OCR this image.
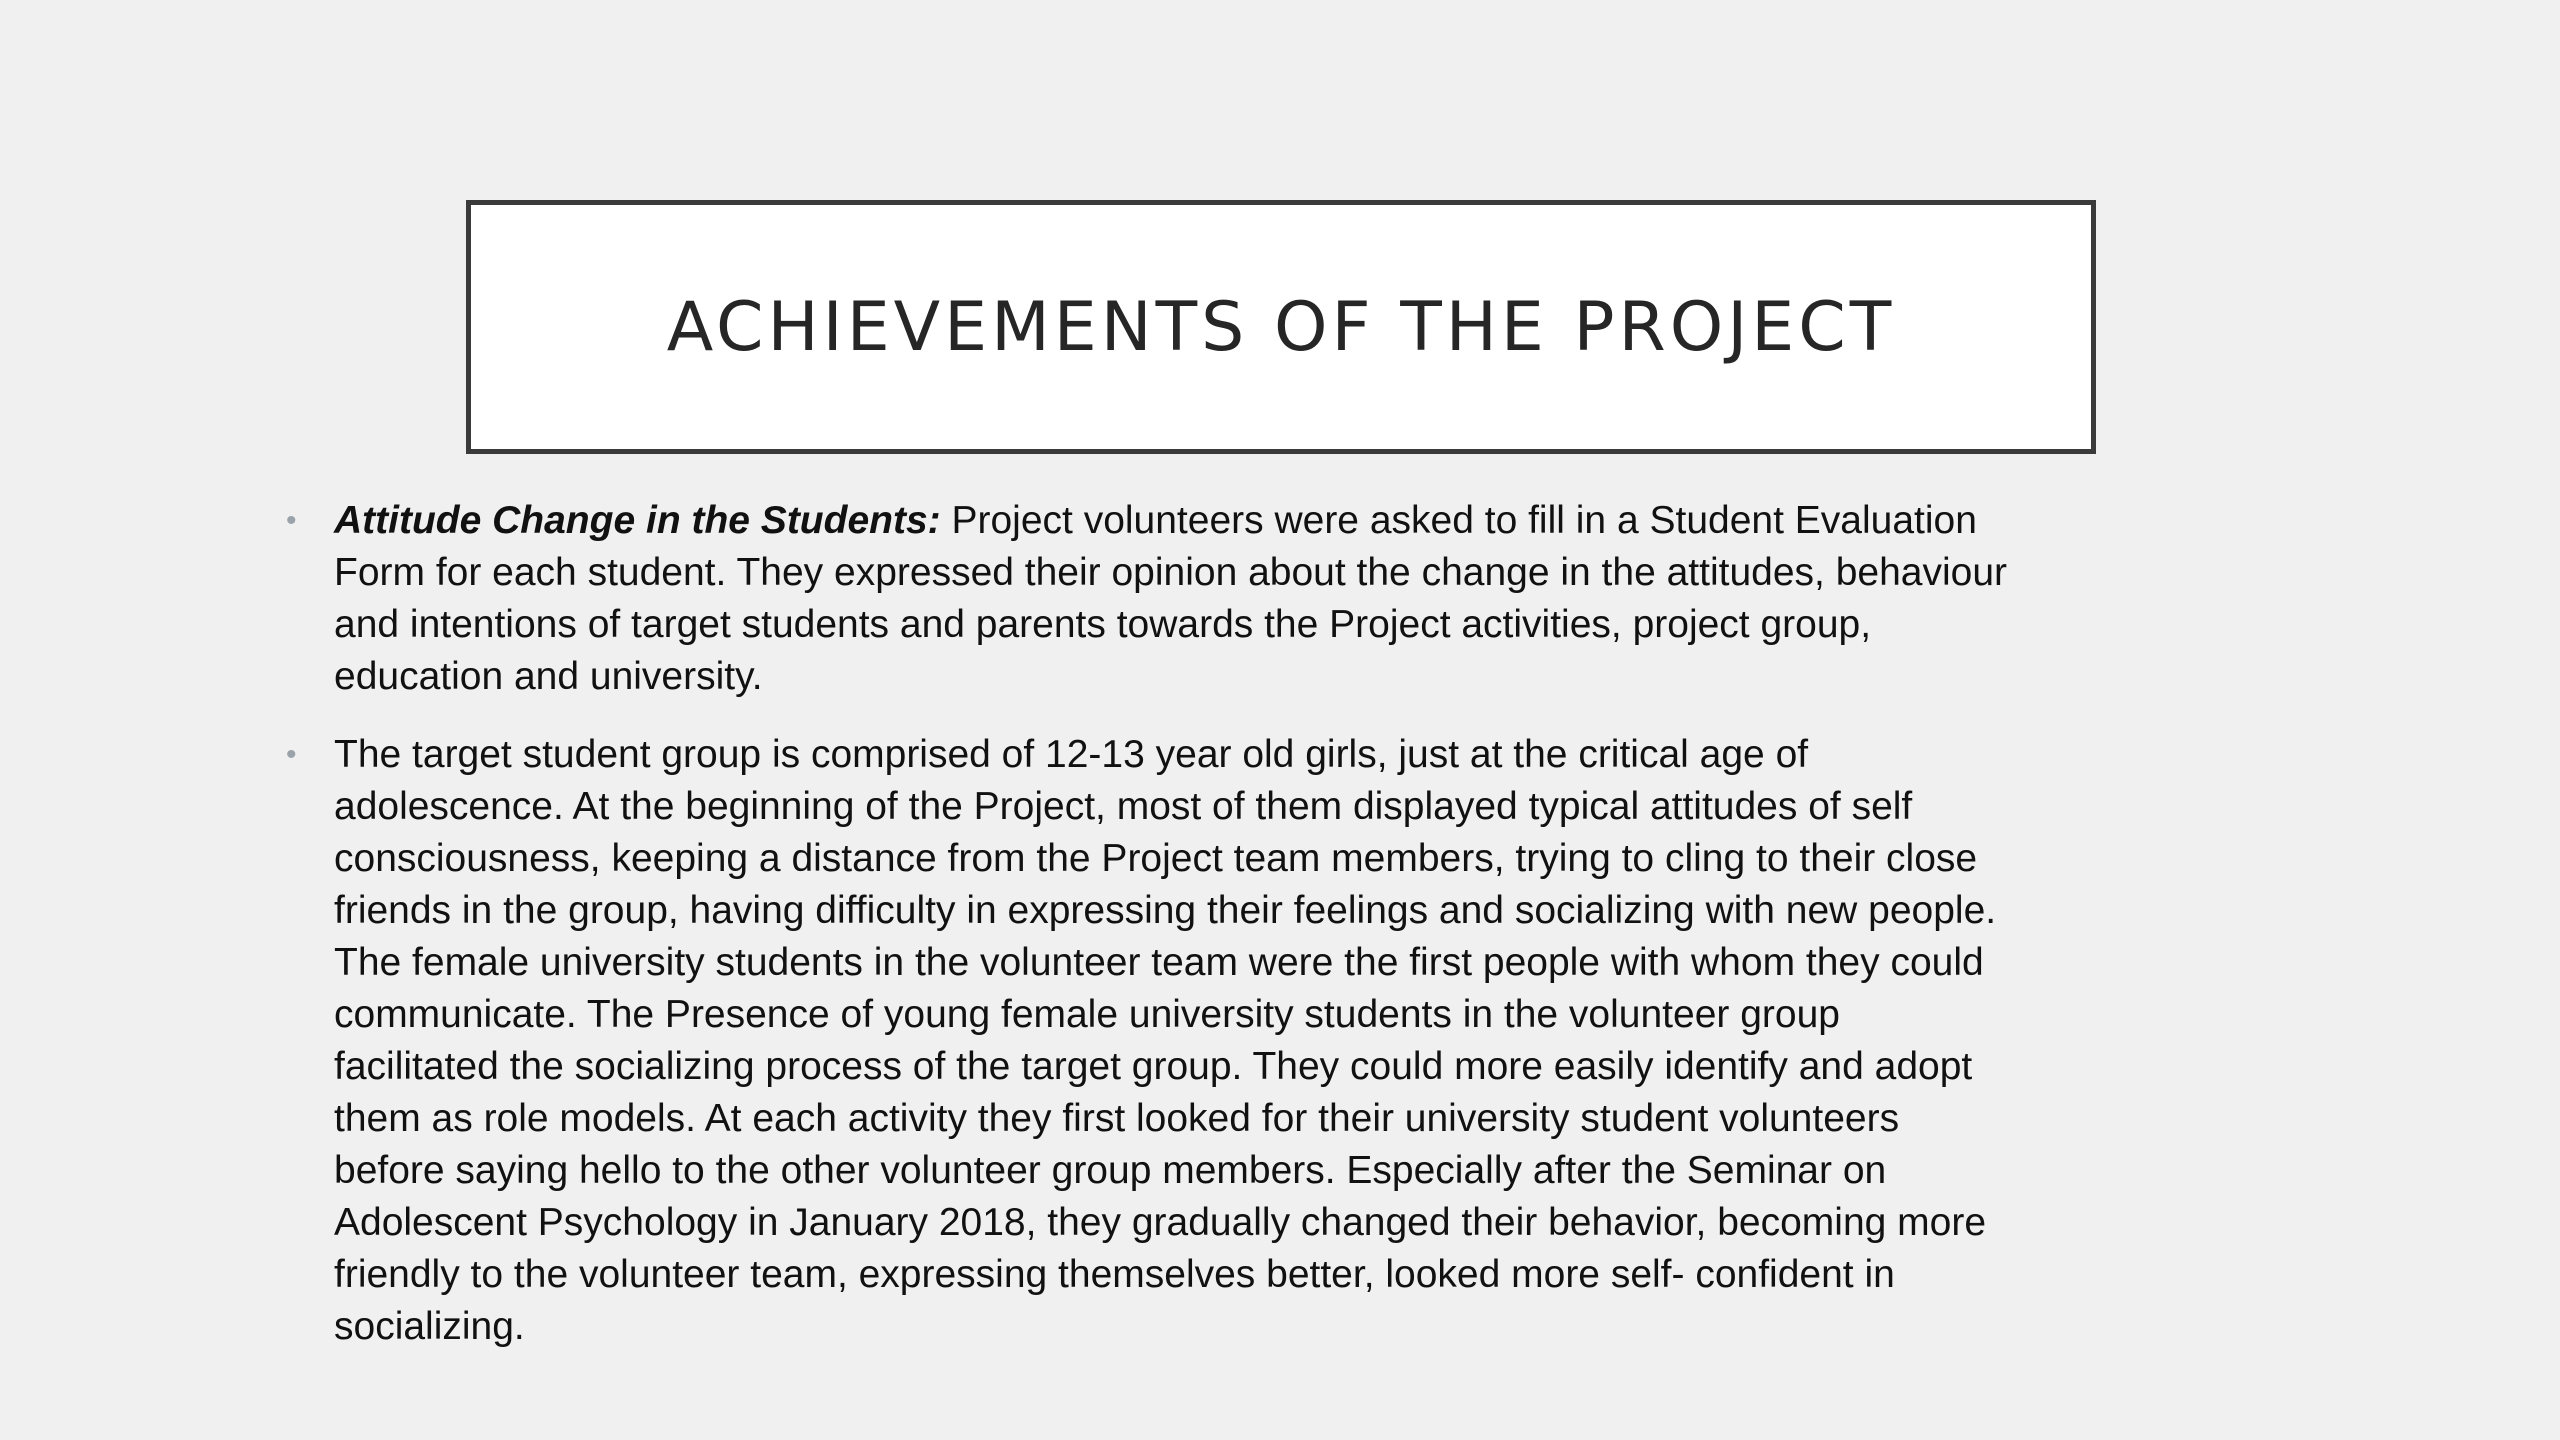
ACHIEVEMENTS OF THE PROJECT
• Attitude Change in the Students: Project volunteers were asked to fill in a Student Evaluation
Form for each student. They expressed their opinion about the change in the attitudes, behaviour
and intentions of target students and parents towards the Project activities, project group,
education and university.
• The target student group is comprised of 12-13 year old girls, just at the critical age of
adolescence. At the beginning of the Project, most of them displayed typical attitudes of self
consciousness, keeping a distance from the Project team members, trying to cling to their close
friends in the group, having difficulty in expressing their feelings and socializing with new people.
The female university students in the volunteer team were the first people with whom they could
communicate. The Presence of young female university students in the volunteer group
facilitated the socializing process of the target group. They could more easily identify and adopt
them as role models. At each activity they first looked for their university student volunteers
before saying hello to the other volunteer group members. Especially after the Seminar on
Adolescent Psychology in January 2018, they gradually changed their behavior, becoming more
friendly to the volunteer team, expressing themselves better, looked more self- confident in
socializing.
